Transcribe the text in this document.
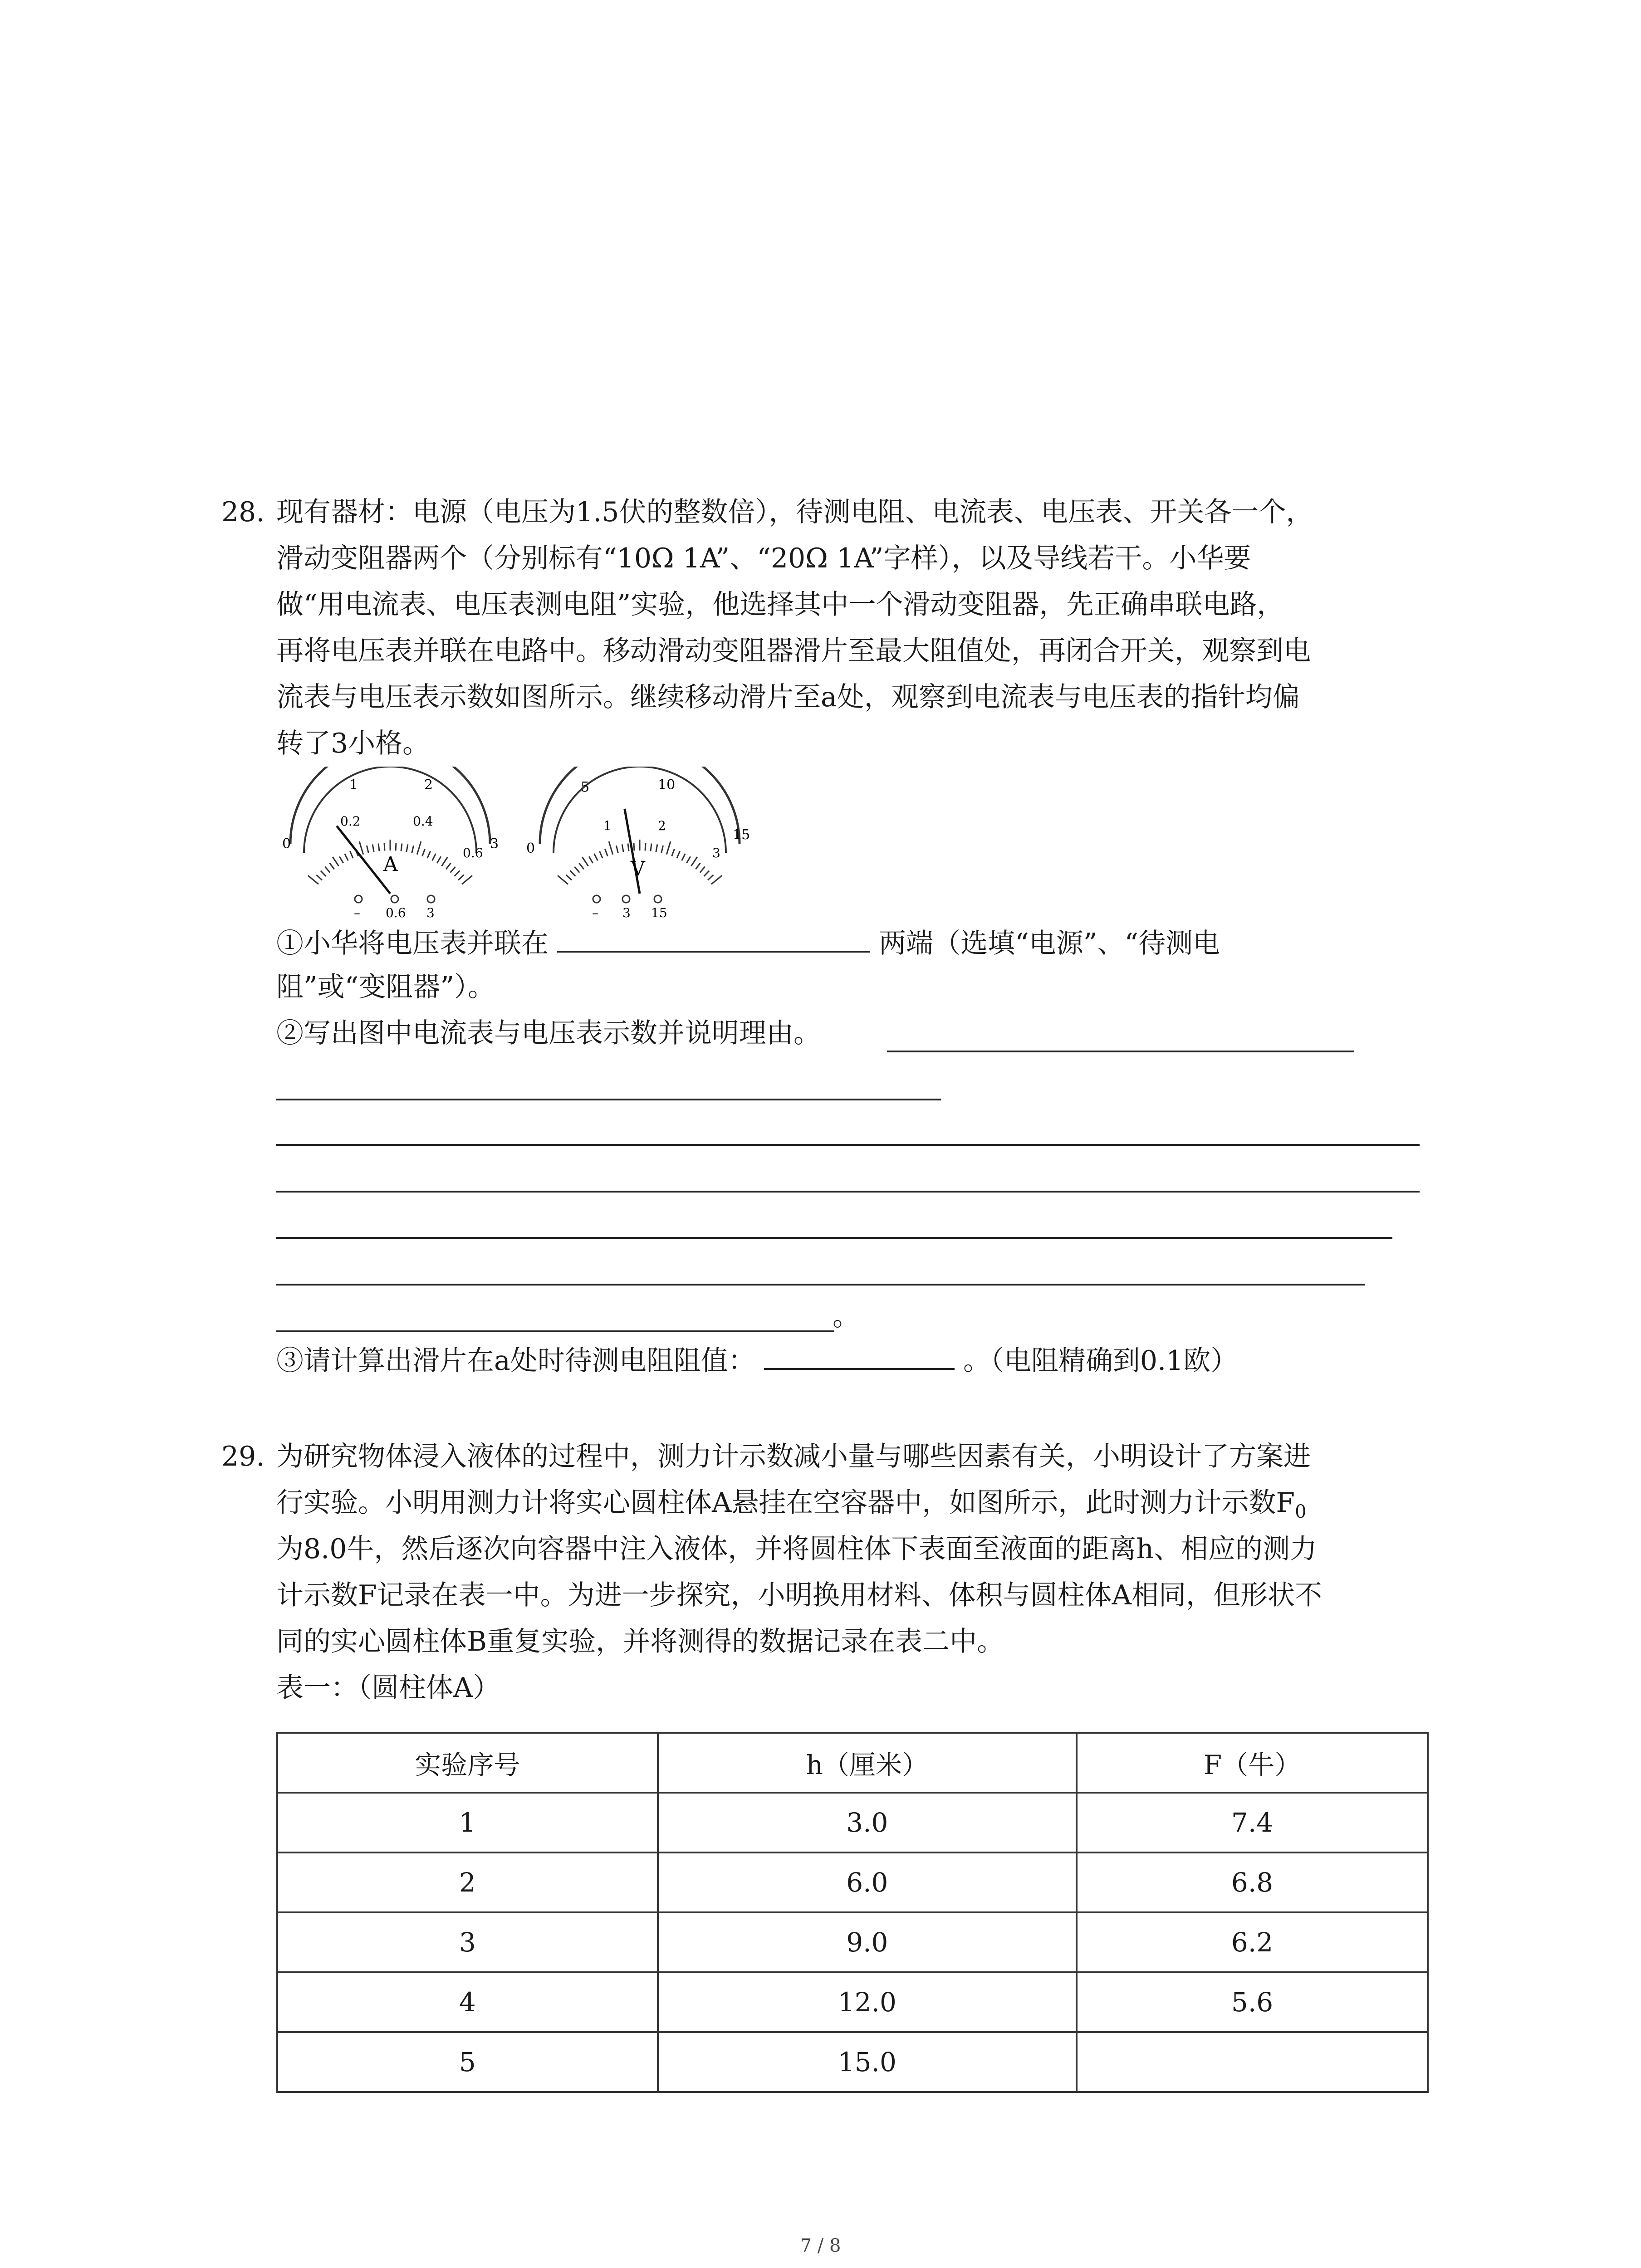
28. 现有器材：电源（电压为1.5伏的整数倍），待测电阻、电流表、电压表、开关各一个，
滑动变阻器两个（分别标有“10Ω 1A”、“20Ω 1A”字样），以及导线若干。小华要
做“用电流表、电压表测电阻”实验，他选择其中一个滑动变阻器，先正确串联电路，
再将电压表并联在电路中。移动滑动变阻器滑片至最大阻值处，再闭合开关，观察到电
流表与电压表示数如图所示。继续移动滑片至a处，观察到电流表与电压表的指针均偏
转了3小格。
0
1	2
3
0.2	0.4
0.6
A
– 0.6 3
0
5	10
15
1	2
3
V
– 3 15
①小华将电压表并联在	两端（选填“电源”、“待测电
阻”或“变阻器”）。
②写出图中电流表与电压表示数并说明理由。
。
③请计算出滑片在a处时待测电阻阻值：	。（电阻精确到0.1欧）
29. 为研究物体浸入液体的过程中，测力计示数减小量与哪些因素有关，小明设计了方案进
行实验。小明用测力计将实心圆柱体A悬挂在空容器中，如图所示，此时测力计示数$F_0$
为8.0牛，然后逐次向容器中注入液体，并将圆柱体下表面至液面的距离h、相应的测力
计示数F记录在表一中。为进一步探究，小明换用材料、体积与圆柱体A相同，但形状不
同的实心圆柱体B重复实验，并将测得的数据记录在表二中。
表一：（圆柱体A）
实验序号	h（厘米）	F（牛）
1	3.0	7.4
2	6.0	6.8
3	9.0	6.2
4	12.0	5.6
5	15.0	
7 / 8
